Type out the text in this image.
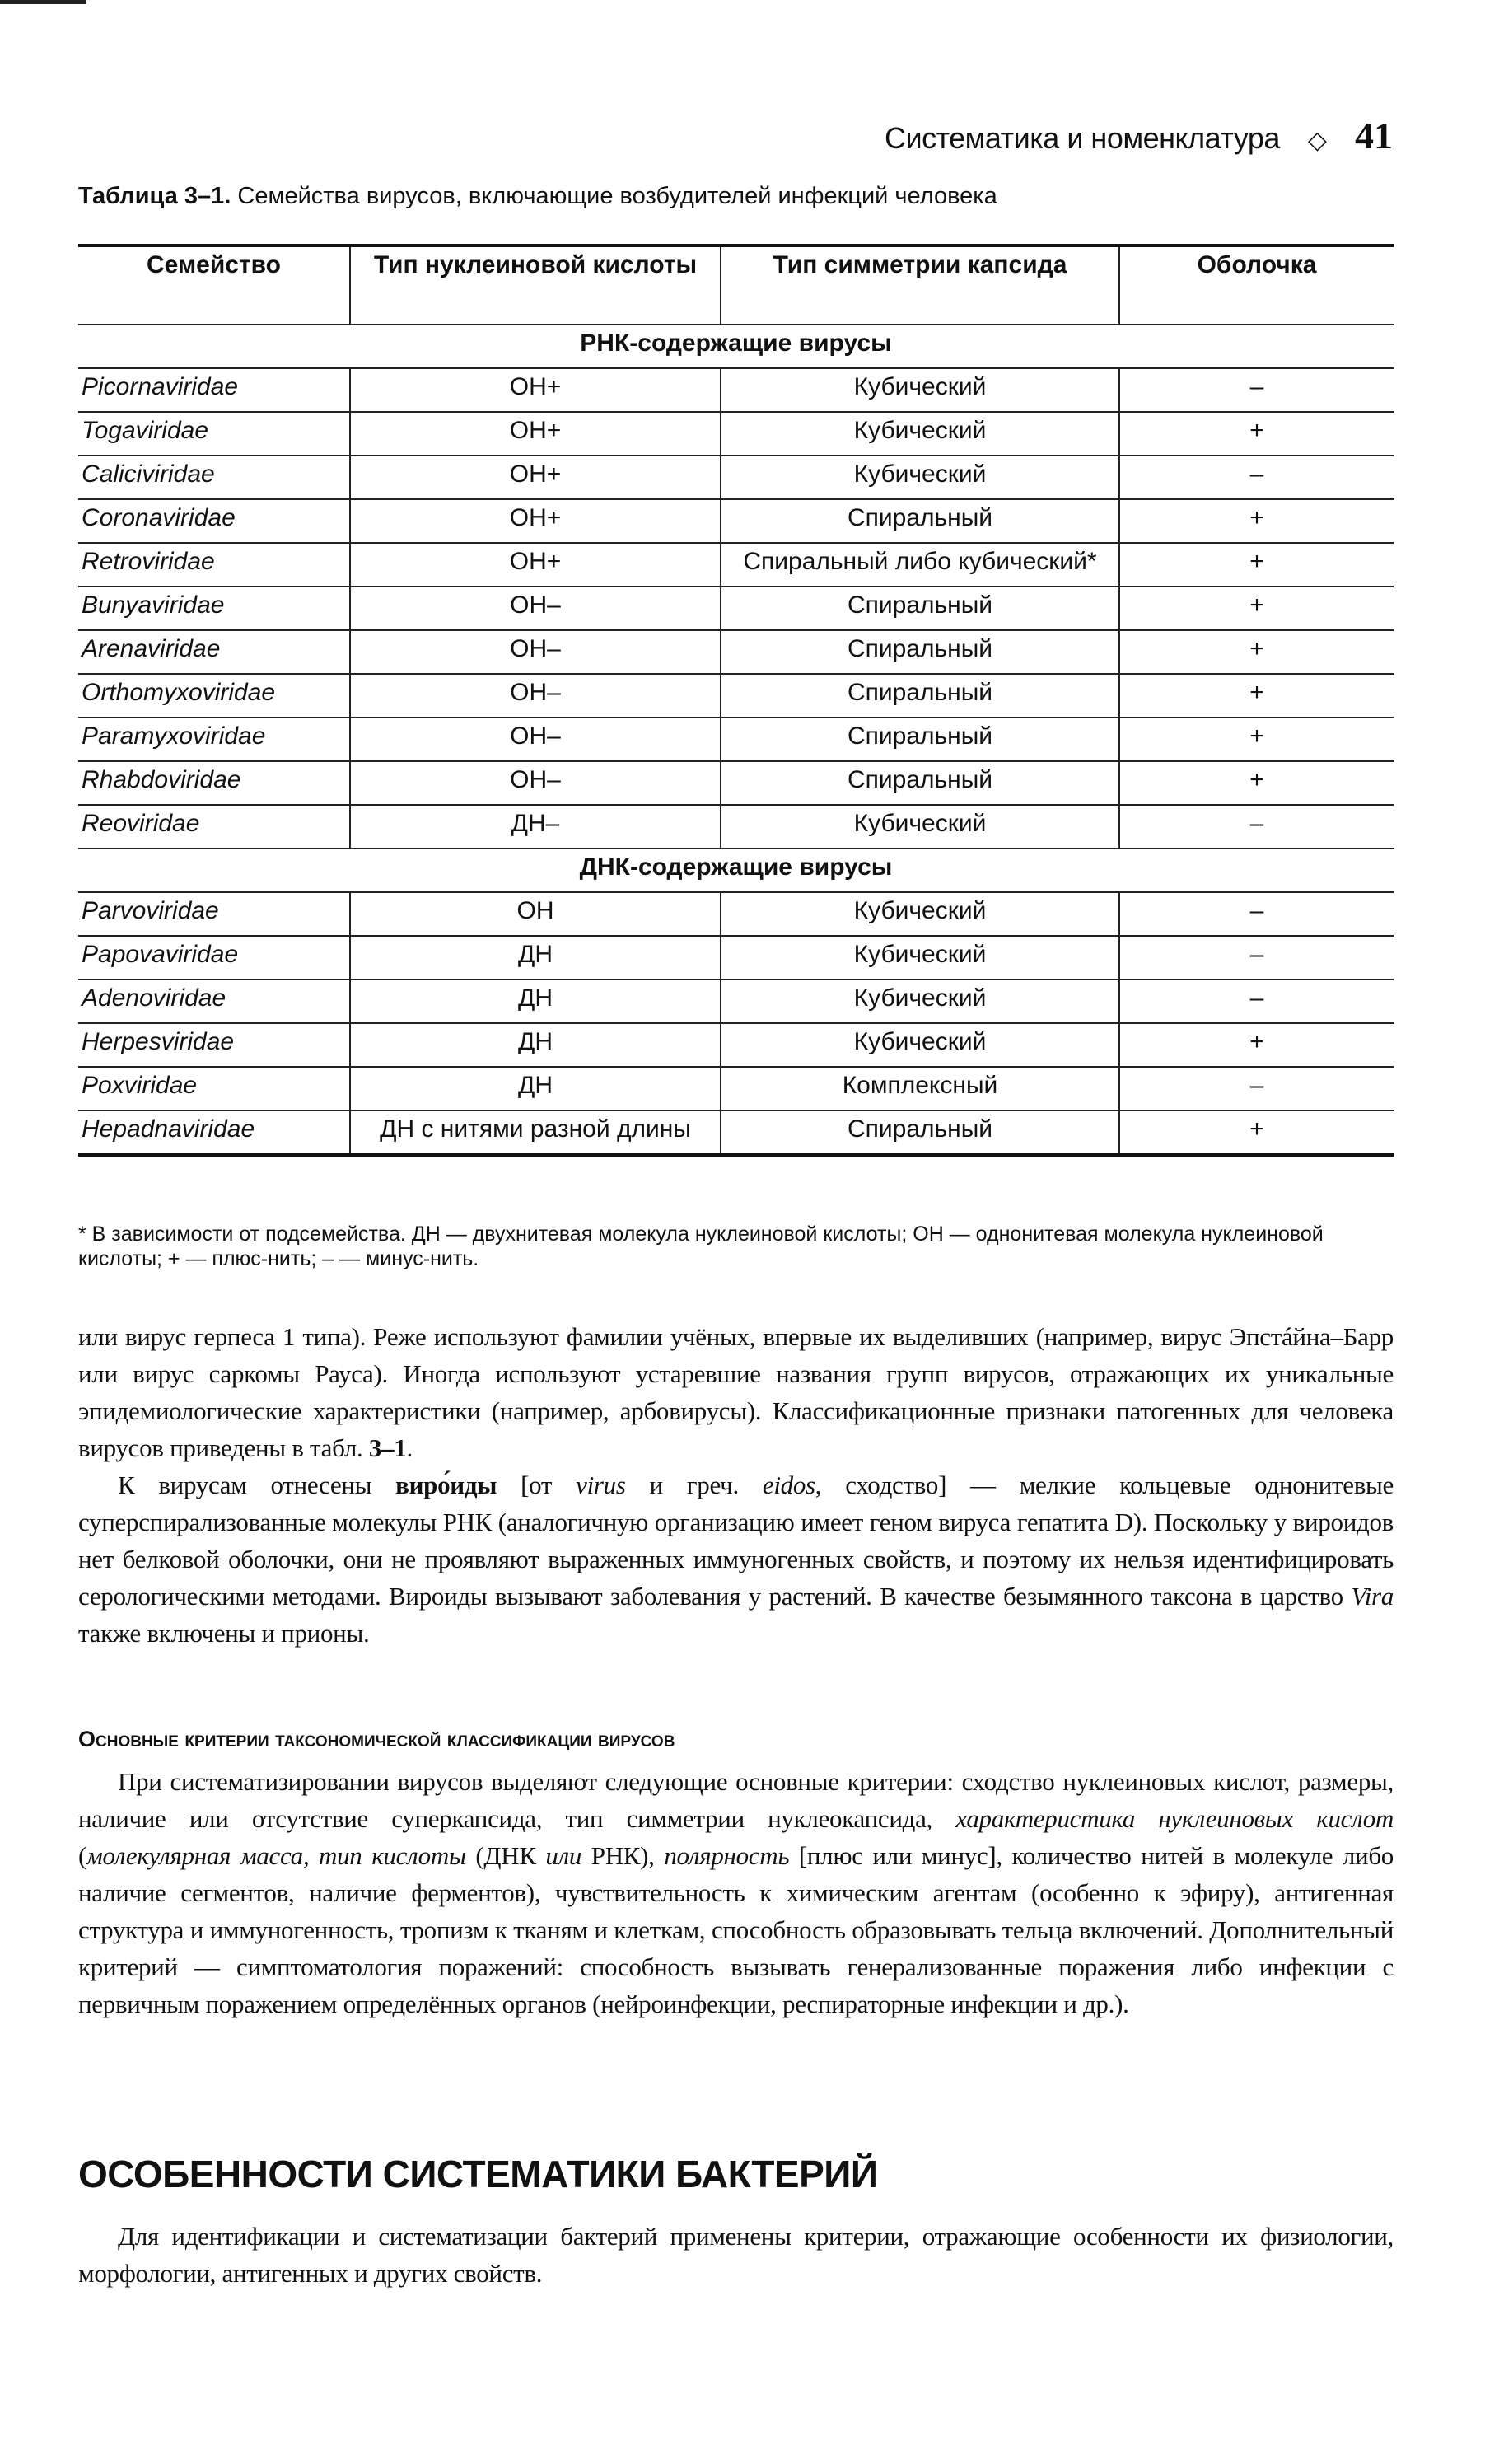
Систематика и номенклатура ◇ 41
Таблица 3–1. Семейства вирусов, включающие возбудителей инфекций человека
Семейство	Тип нуклеиновой кислоты	Тип симметрии капсида	Оболочка
РНК-содержащие вирусы			
Picornaviridae	ОН+	Кубический	–
Togaviridae	ОН+	Кубический	+
Caliciviridae	ОН+	Кубический	–
Coronaviridae	ОН+	Спиральный	+
Retroviridae	ОН+	Спиральный либо кубический*	+
Bunyaviridae	ОН–	Спиральный	+
Arenaviridae	ОН–	Спиральный	+
Orthomyxoviridae	ОН–	Спиральный	+
Paramyxoviridae	ОН–	Спиральный	+
Rhabdoviridae	ОН–	Спиральный	+
Reoviridae	ДН–	Кубический	–
ДНК-содержащие вирусы			
Parvoviridae	ОН	Кубический	–
Papovaviridae	ДН	Кубический	–
Adenoviridae	ДН	Кубический	–
Herpesviridae	ДН	Кубический	+
Poxviridae	ДН	Комплексный	–
Hepadnaviridae	ДН с нитями разной длины	Спиральный	+
* В зависимости от подсемейства. ДН — двухнитевая молекула нуклеиновой кислоты; ОН — однонитевая молекула нуклеиновой кислоты; + — плюс-нить; – — минус-нить.

или вирус герпеса 1 типа). Реже используют фамилии учёных, впервые их выделивших (например, вирус Эпстáйна–Барр или вирус саркомы Рауса). Иногда используют устаревшие названия групп вирусов, отражающих их уникальные эпидемиологические характеристики (например, арбовирусы). Классификационные признаки патогенных для человека вирусов приведены в табл. 3–1.

К вирусам отнесены виро́иды [от virus и греч. eidos, сходство] — мелкие кольцевые однонитевые суперспирализованные молекулы РНК (аналогичную организацию имеет геном вируса гепатита D). Поскольку у вироидов нет белковой оболочки, они не проявляют выраженных иммуногенных свойств, и поэтому их нельзя идентифицировать серологическими методами. Вироиды вызывают заболевания у растений. В качестве безымянного таксона в царство Vira также включены и прионы.

Основные критерии таксономической классификации вирусов

При систематизировании вирусов выделяют следующие основные критерии: сходство нуклеиновых кислот, размеры, наличие или отсутствие суперкапсида, тип симметрии нуклеокапсида, характеристика нуклеиновых кислот (молекулярная масса, тип кислоты (ДНК или РНК), полярность [плюс или минус], количество нитей в молекуле либо наличие сегментов, наличие ферментов), чувствительность к химическим агентам (особенно к эфиру), антигенная структура и иммуногенность, тропизм к тканям и клеткам, способность образовывать тельца включений. Дополнительный критерий — симптоматология поражений: способность вызывать генерализованные поражения либо инфекции с первичным поражением определённых органов (нейроинфекции, респираторные инфекции и др.).

ОСОБЕННОСТИ СИСТЕМАТИКИ БАКТЕРИЙ

Для идентификации и систематизации бактерий применены критерии, отражающие особенности их физиологии, морфологии, антигенных и других свойств.
